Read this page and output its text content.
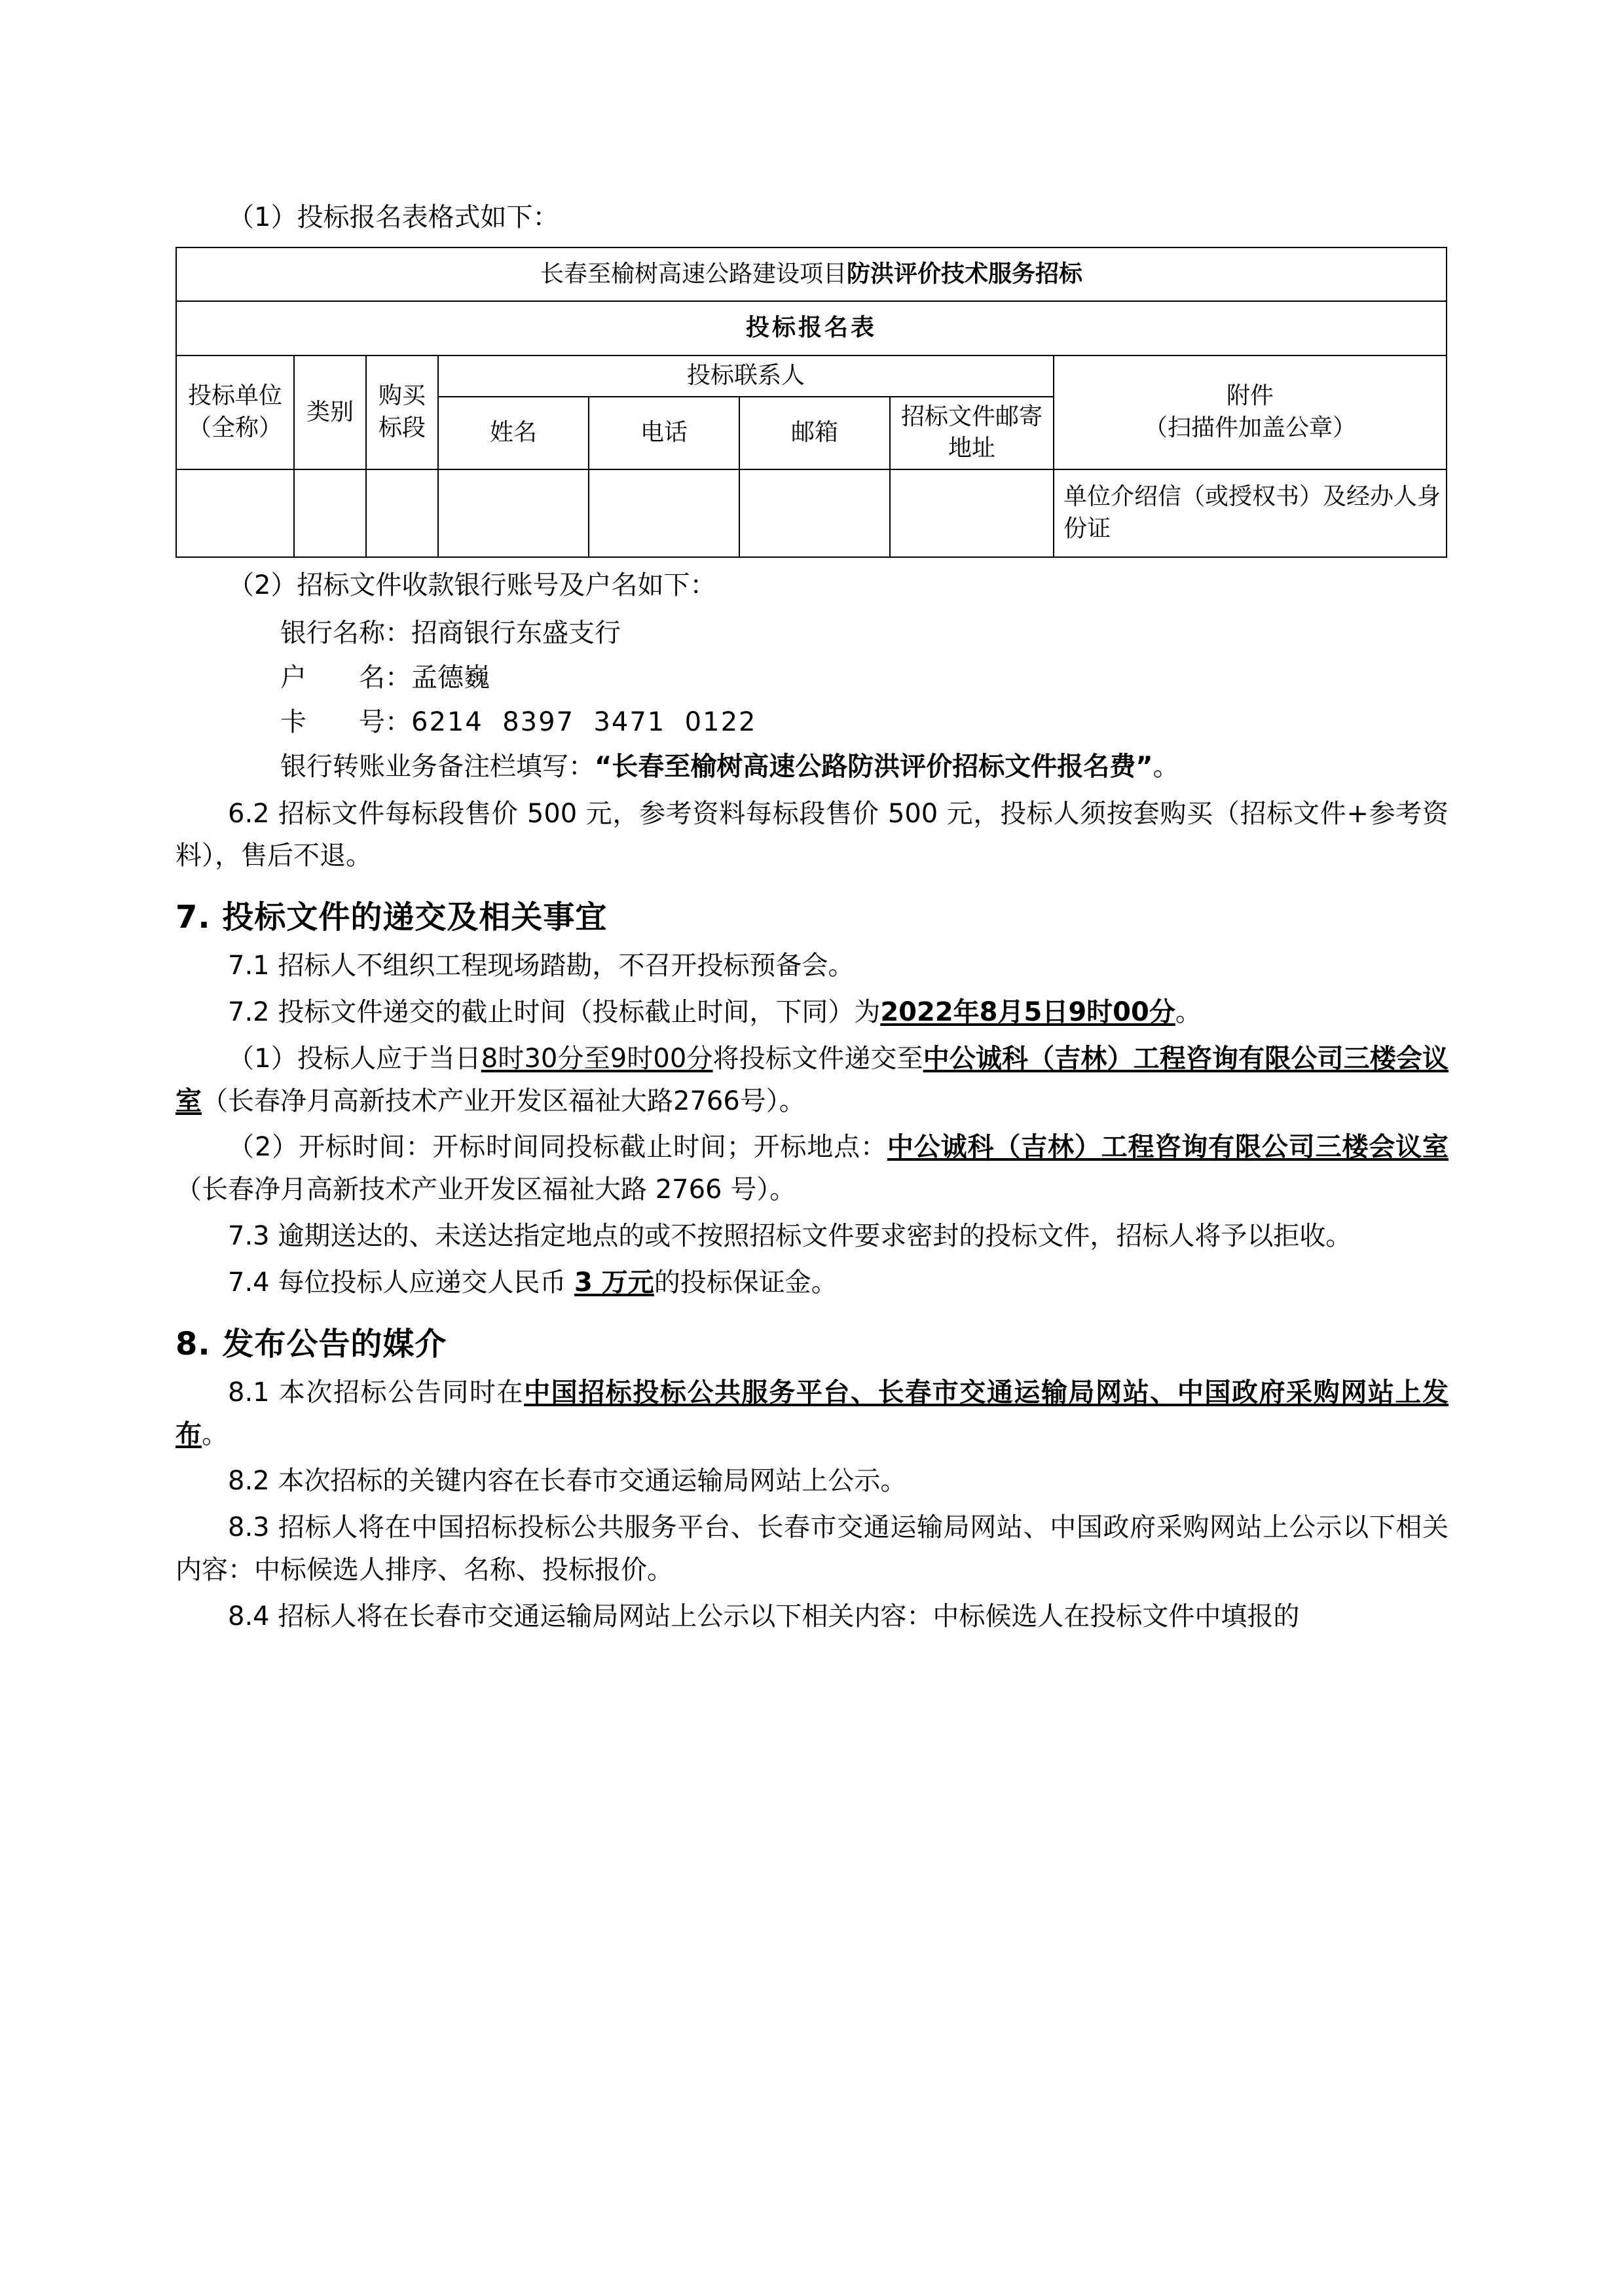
（1）投标报名表格式如下：

长春至榆树高速公路建设项目防洪评价技术服务招标							
投标报名表							
投标单位（全称）	类别	购买标段	投标联系人				附件
（扫描件加盖公章）

			姓名	电话	邮箱	招标文件邮寄地址	
							单位介绍信（或授权书）及经办人身份证

（2）招标文件收款银行账号及户名如下：

银行名称：招商银行东盛支行

户　　名：孟德巍

卡　　号：6214  8397  3471  0122

银行转账业务备注栏填写：“长春至榆树高速公路防洪评价招标文件报名费”。

6.2 招标文件每标段售价 500 元，参考资料每标段售价 500 元，投标人须按套购买（招标文件+参考资料），售后不退。

7. 投标文件的递交及相关事宜

7.1 招标人不组织工程现场踏勘，不召开投标预备会。

7.2 投标文件递交的截止时间（投标截止时间，下同）为2022年8月5日9时00分。

（1）投标人应于当日8时30分至9时00分将投标文件递交至中公诚科（吉林）工程咨询有限公司三楼会议室（长春净月高新技术产业开发区福祉大路2766号）。

（2）开标时间：开标时间同投标截止时间；开标地点：中公诚科（吉林）工程咨询有限公司三楼会议室（长春净月高新技术产业开发区福祉大路 2766 号）。

7.3 逾期送达的、未送达指定地点的或不按照招标文件要求密封的投标文件，招标人将予以拒收。

7.4 每位投标人应递交人民币 3 万元的投标保证金。

8. 发布公告的媒介

8.1 本次招标公告同时在中国招标投标公共服务平台、长春市交通运输局网站、中国政府采购网站上发布。

8.2 本次招标的关键内容在长春市交通运输局网站上公示。

8.3 招标人将在中国招标投标公共服务平台、长春市交通运输局网站、中国政府采购网站上公示以下相关内容：中标候选人排序、名称、投标报价。

8.4 招标人将在长春市交通运输局网站上公示以下相关内容：中标候选人在投标文件中填报的
